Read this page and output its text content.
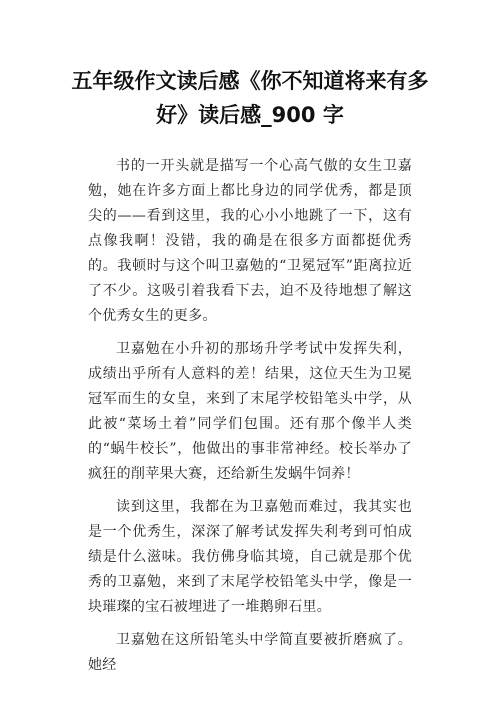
五年级作文读后感《你不知道将来有多好》读后感_900 字

书的一开头就是描写一个心高气傲的女生卫嘉勉，她在许多方面上都比身边的同学优秀，都是顶尖的——看到这里，我的心小小地跳了一下，这有点像我啊！没错，我的确是在很多方面都挺优秀的。我顿时与这个叫卫嘉勉的“卫冕冠军”距离拉近了不少。这吸引着我看下去，迫不及待地想了解这个优秀女生的更多。

卫嘉勉在小升初的那场升学考试中发挥失利，成绩出乎所有人意料的差！结果，这位天生为卫冕冠军而生的女皇，来到了末尾学校铅笔头中学，从此被“菜场土着”同学们包围。还有那个像半人类的“蜗牛校长”，他做出的事非常神经。校长举办了疯狂的削苹果大赛，还给新生发蜗牛饲养！

读到这里，我都在为卫嘉勉而难过，我其实也是一个优秀生，深深了解考试发挥失利考到可怕成绩是什么滋味。我仿佛身临其境，自己就是那个优秀的卫嘉勉，来到了末尾学校铅笔头中学，像是一块璀璨的宝石被埋进了一堆鹅卵石里。

卫嘉勉在这所铅笔头中学简直要被折磨疯了。她经
